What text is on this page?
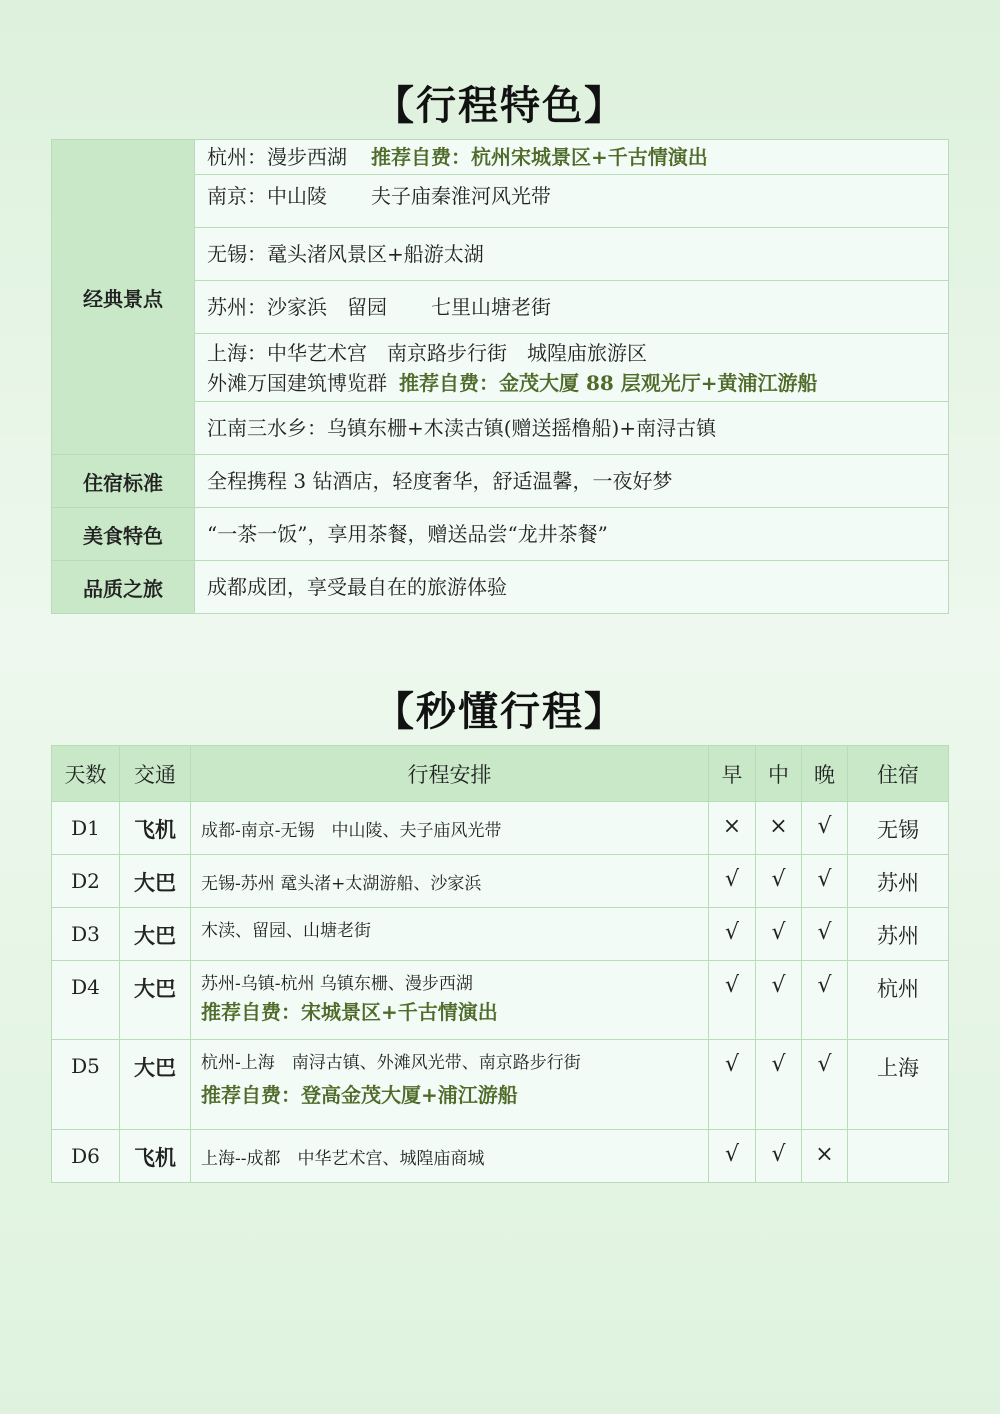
【行程特色】
经典景点	杭州：漫步西湖 推荐自费：杭州宋城景区+千古情演出
	南京：中山陵 夫子庙秦淮河风光带
	无锡：鼋头渚风景区+船游太湖
	苏州：沙家浜 留园 七里山塘老街
	上海：中华艺术宫 南京路步行街 城隍庙旅游区
外滩万国建筑博览群 推荐自费：金茂大厦 88 层观光厅+黄浦江游船
	江南三水乡：乌镇东栅+木渎古镇(赠送摇橹船)+南浔古镇
住宿标准	全程携程 3 钻酒店，轻度奢华，舒适温馨，一夜好梦
美食特色	“一茶一饭”，享用茶餐，赠送品尝“龙井茶餐”
品质之旅	成都成团，享受最自在的旅游体验
【秒懂行程】
天数	交通	行程安排	早	中	晚	住宿
D1	飞机	成都-南京-无锡　中山陵、夫子庙风光带	×	×	√	无锡
D2	大巴	无锡-苏州 鼋头渚+太湖游船、沙家浜	√	√	√	苏州
D3	大巴	木渎、留园、山塘老街	√	√	√	苏州
D4	大巴	苏州-乌镇-杭州 乌镇东栅、漫步西湖
推荐自费：宋城景区+千古情演出	√	√	√	杭州
D5	大巴	杭州-上海　南浔古镇、外滩风光带、南京路步行街
推荐自费：登高金茂大厦+浦江游船	√	√	√	上海
D6	飞机	上海--成都　中华艺术宫、城隍庙商城	√	√	×	
